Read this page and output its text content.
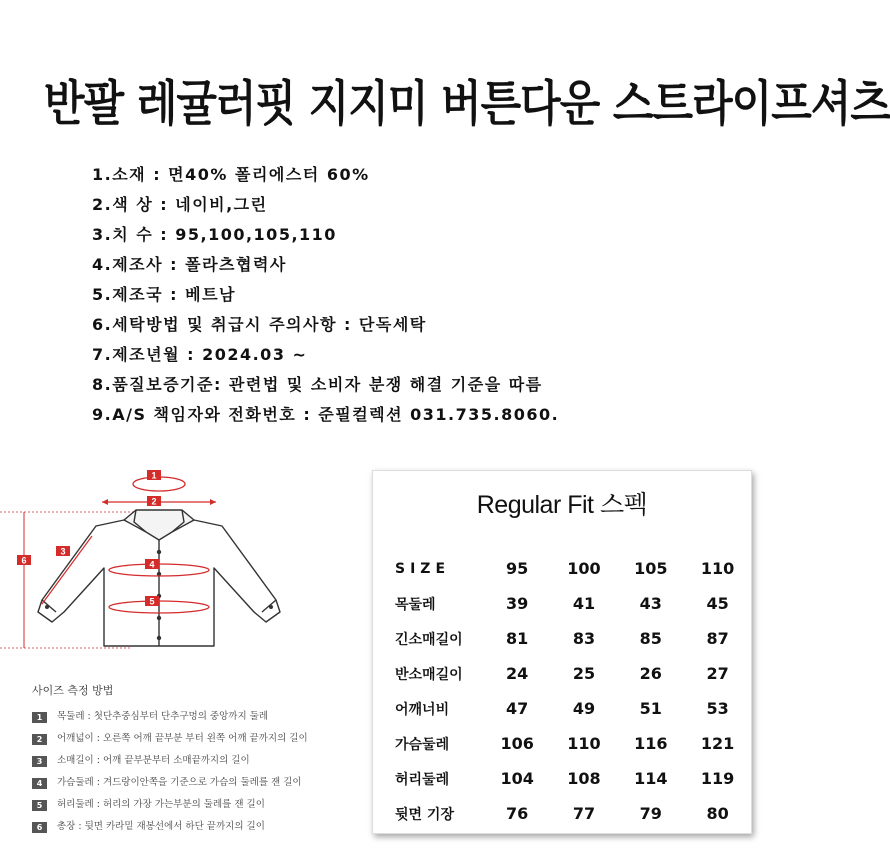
반팔 레귤러핏 지지미 버튼다운 스트라이프셔츠
1.소재 : 면40% 폴리에스터 60%
2.색 상 : 네이비,그린
3.치 수 : 95,100,105,110
4.제조사 : 폴라츠협력사
5.제조국 : 베트남
6.세탁방법 및 취급시 주의사항 : 단독세탁
7.제조년월 : 2024.03 ~
8.품질보증기준: 관련법 및 소비자 분쟁 해결 기준을 따름
9.A/S 책임자와 전화번호 : 준필컬렉션 031.735.8060.
1
2
3
4
5
6
사이즈 측정 방법
1	목둘레 : 첫단추중심부터 단추구멍의 중앙까지 둘레
2	어깨넓이 : 오른쪽 어깨 끝부분 부터 왼쪽 어깨 끝까지의 길이
3	소매길이 : 어깨 끝부분부터 소매끝까지의 길이
4	가슴둘레 : 겨드랑이안쪽을 기준으로 가슴의 둘레를 잰 길이
5	허리둘레 : 허리의 가장 가는부분의 둘레를 잰 길이
6	총장 : 뒷면 카라밑 재봉선에서 하단 끝까지의 길이
Regular Fit 스펙
SIZE	95	100	105	110
목둘레	39	41	43	45
긴소매길이	81	83	85	87
반소매길이	24	25	26	27
어깨너비	47	49	51	53
가슴둘레	106	110	116	121
허리둘레	104	108	114	119
뒷면 기장	76	77	79	80
